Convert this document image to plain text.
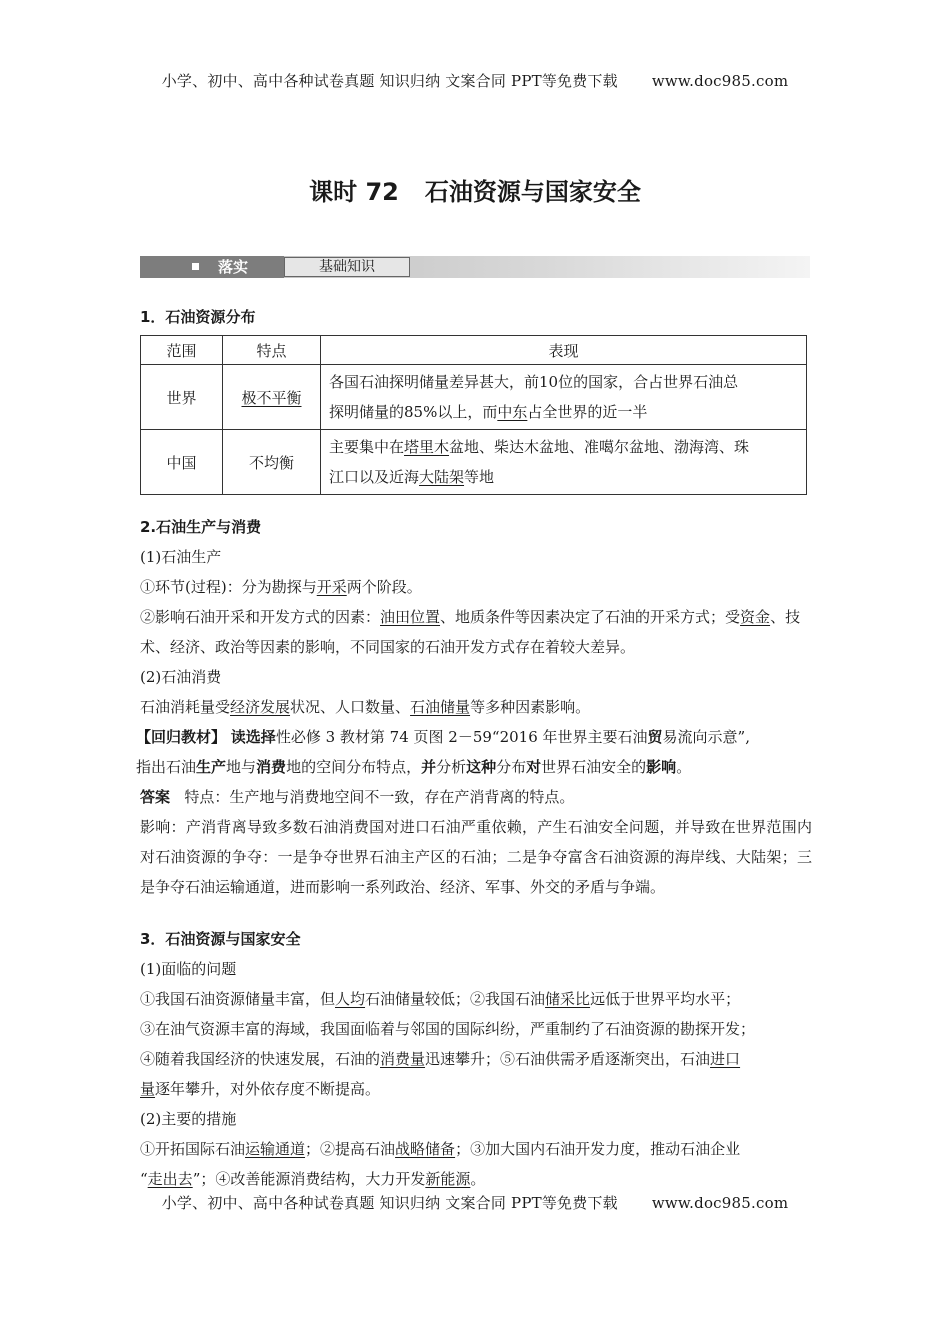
小学、初中、高中各种试卷真题 知识归纳 文案合同 PPT等免费下载 www.doc985.com
课时 72 石油资源与国家安全
落实	基础知识
1．石油资源分布
范围	特点	表现
世界	极不平衡	各国石油探明储量差异甚大，前10位的国家，合占世界石油总
探明储量的85%以上，而中东占全世界的近一半
中国	不均衡	主要集中在塔里木盆地、柴达木盆地、准噶尔盆地、渤海湾、珠
江口以及近海大陆架等地
2.石油生产与消费
(1)石油生产
①环节(过程)：分为勘探与开采两个阶段。
②影响石油开采和开发方式的因素：油田位置、地质条件等因素决定了石油的开采方式；受资金、技术、经济、政治等因素的影响，不同国家的石油开发方式存在着较大差异。
(2)石油消费
石油消耗量受经济发展状况、人口数量、石油储量等多种因素影响。
【回归教材】 读选择性必修 3 教材第 74 页图 2－59“2016 年世界主要石油贸易流向示意”,
指出石油生产地与消费地的空间分布特点，并分析这种分布对世界石油安全的影响。
答案 特点：生产地与消费地空间不一致，存在产消背离的特点。
影响：产消背离导致多数石油消费国对进口石油严重依赖，产生石油安全问题，并导致在世界范围内对石油资源的争夺：一是争夺世界石油主产区的石油；二是争夺富含石油资源的海岸线、大陆架；三是争夺石油运输通道，进而影响一系列政治、经济、军事、外交的矛盾与争端。
3．石油资源与国家安全
(1)面临的问题
①我国石油资源储量丰富，但人均石油储量较低；②我国石油储采比远低于世界平均水平；
③在油气资源丰富的海域，我国面临着与邻国的国际纠纷，严重制约了石油资源的勘探开发；
④随着我国经济的快速发展，石油的消费量迅速攀升；⑤石油供需矛盾逐渐突出，石油进口
量逐年攀升，对外依存度不断提高。
(2)主要的措施
①开拓国际石油运输通道；②提高石油战略储备；③加大国内石油开发力度，推动石油企业
“走出去”；④改善能源消费结构，大力开发新能源。
小学、初中、高中各种试卷真题 知识归纳 文案合同 PPT等免费下载 www.doc985.com
